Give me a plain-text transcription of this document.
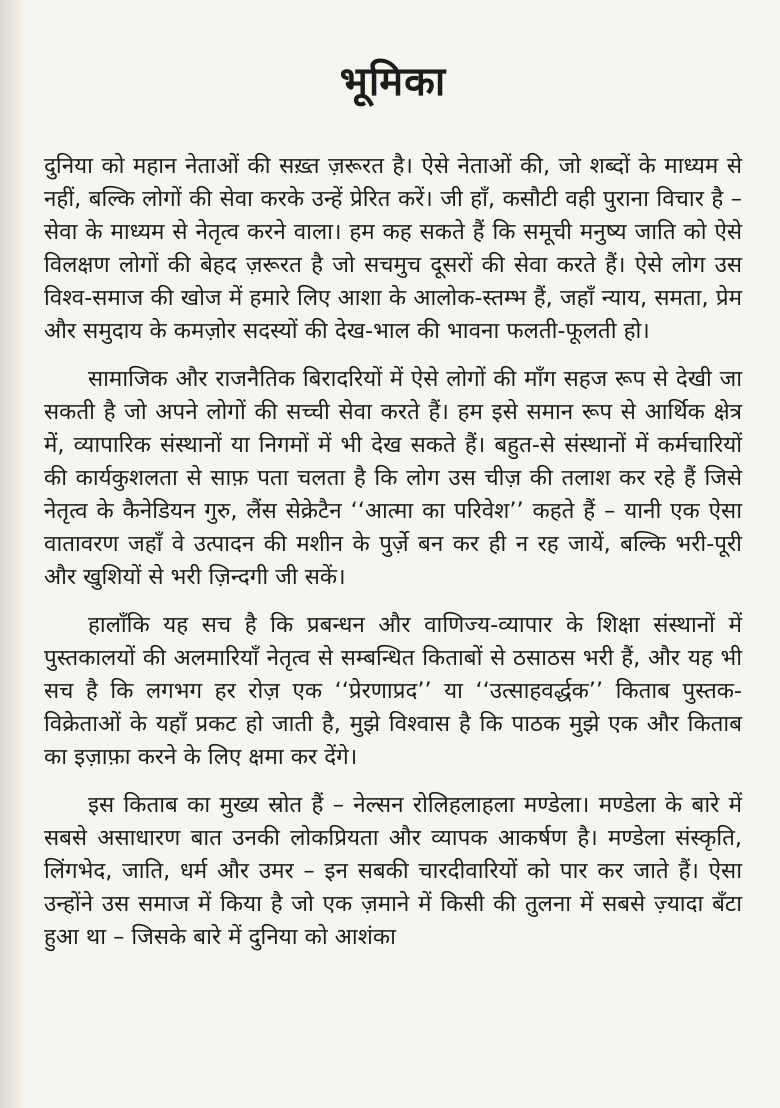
भूमिका

दुनिया को महान नेताओं की सख़्त ज़रूरत है। ऐसे नेताओं की, जो शब्दों के माध्यम से नहीं, बल्कि लोगों की सेवा करके उन्हें प्रेरित करें। जी हाँ, कसौटी वही पुराना विचार है – सेवा के माध्यम से नेतृत्व करने वाला। हम कह सकते हैं कि समूची मनुष्य जाति को ऐसे विलक्षण लोगों की बेहद ज़रूरत है जो सचमुच दूसरों की सेवा करते हैं। ऐसे लोग उस विश्व-समाज की खोज में हमारे लिए आशा के आलोक-स्तम्भ हैं, जहाँ न्याय, समता, प्रेम और समुदाय के कमज़ोर सदस्यों की देख-भाल की भावना फलती-फूलती हो।

सामाजिक और राजनैतिक बिरादरियों में ऐसे लोगों की माँग सहज रूप से देखी जा सकती है जो अपने लोगों की सच्ची सेवा करते हैं। हम इसे समान रूप से आर्थिक क्षेत्र में, व्यापारिक संस्थानों या निगमों में भी देख सकते हैं। बहुत-से संस्थानों में कर्मचारियों की कार्यकुशलता से साफ़ पता चलता है कि लोग उस चीज़ की तलाश कर रहे हैं जिसे नेतृत्व के कैनेडियन गुरु, लैंस सेक्रेटैन ‘‘आत्मा का परिवेश’’ कहते हैं – यानी एक ऐसा वातावरण जहाँ वे उत्पादन की मशीन के पुर्ज़े बन कर ही न रह जायें, बल्कि भरी-पूरी और खुशियों से भरी ज़िन्दगी जी सकें।

हालाँकि यह सच है कि प्रबन्धन और वाणिज्य-व्यापार के शिक्षा संस्थानों में पुस्तकालयों की अलमारियाँ नेतृत्व से सम्बन्धित किताबों से ठसाठस भरी हैं, और यह भी सच है कि लगभग हर रोज़ एक ‘‘प्रेरणाप्रद’’ या ‘‘उत्साहवर्द्धक’’ किताब पुस्तक-विक्रेताओं के यहाँ प्रकट हो जाती है, मुझे विश्वास है कि पाठक मुझे एक और किताब का इज़ाफ़ा करने के लिए क्षमा कर देंगे।

इस किताब का मुख्य स्रोत हैं – नेल्सन रोलिहलाहला मण्डेला। मण्डेला के बारे में सबसे असाधारण बात उनकी लोकप्रियता और व्यापक आकर्षण है। मण्डेला संस्कृति, लिंगभेद, जाति, धर्म और उमर – इन सबकी चारदीवारियों को पार कर जाते हैं। ऐसा उन्होंने उस समाज में किया है जो एक ज़माने में किसी की तुलना में सबसे ज़्यादा बँटा हुआ था – जिसके बारे में दुनिया को आशंका
